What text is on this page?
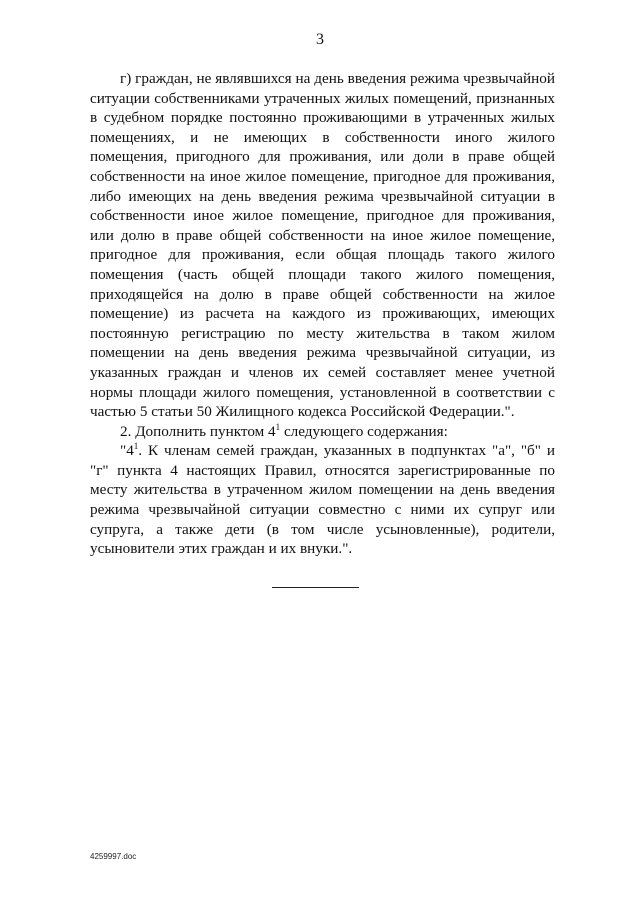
3

г) граждан, не являвшихся на день введения режима чрезвычайной ситуации собственниками утраченных жилых помещений, признанных в судебном порядке постоянно проживающими в утраченных жилых помещениях, и не имеющих в собственности иного жилого помещения, пригодного для проживания, или доли в праве общей собственности на иное жилое помещение, пригодное для проживания, либо имеющих на день введения режима чрезвычайной ситуации в собственности иное жилое помещение, пригодное для проживания, или долю в праве общей собственности на иное жилое помещение, пригодное для проживания, если общая площадь такого жилого помещения (часть общей площади такого жилого помещения, приходящейся на долю в праве общей собственности на жилое помещение) из расчета на каждого из проживающих, имеющих постоянную регистрацию по месту жительства в таком жилом помещении на день введения режима чрезвычайной ситуации, из указанных граждан и членов их семей составляет менее учетной нормы площади жилого помещения, установленной в соответствии с частью 5 статьи 50 Жилищного кодекса Российской Федерации.".

2. Дополнить пунктом $4^1$ следующего содержания:

"$4^1$. К членам семей граждан, указанных в подпунктах "а", "б" и "г" пункта 4 настоящих Правил, относятся зарегистрированные по месту жительства в утраченном жилом помещении на день введения режима чрезвычайной ситуации совместно с ними их супруг или супруга, а также дети (в том числе усыновленные), родители, усыновители этих граждан и их внуки.".

4259997.doc
